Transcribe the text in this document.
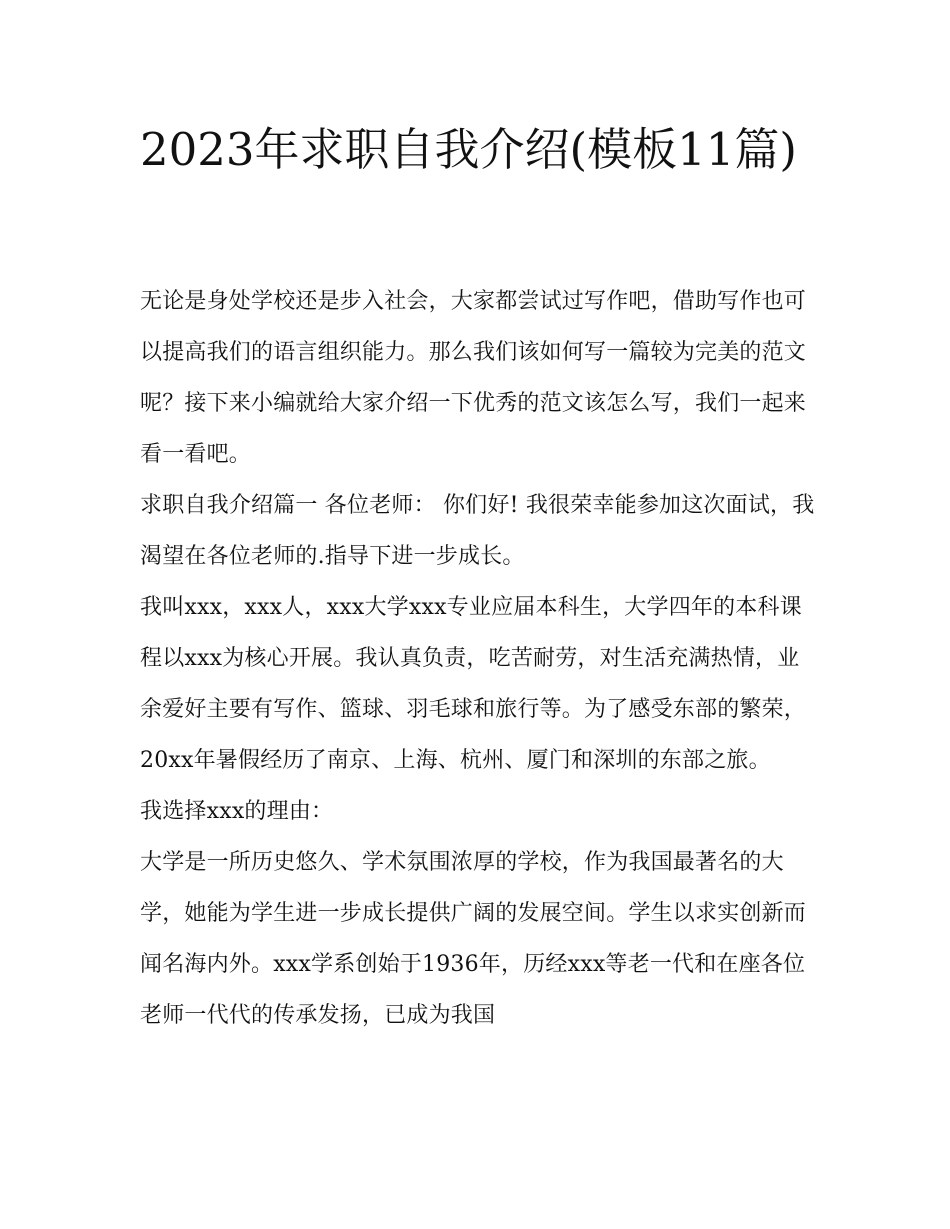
2023年求职自我介绍(模板11篇)

无论是身处学校还是步入社会，大家都尝试过写作吧，借助写作也可以提高我们的语言组织能力。那么我们该如何写一篇较为完美的范文呢？接下来小编就给大家介绍一下优秀的范文该怎么写，我们一起来看一看吧。

求职自我介绍篇一 各位老师： 你们好! 我很荣幸能参加这次面试，我渴望在各位老师的.指导下进一步成长。

我叫xxx，xxx人，xxx大学xxx专业应届本科生，大学四年的本科课程以xxx为核心开展。我认真负责，吃苦耐劳，对生活充满热情，业余爱好主要有写作、篮球、羽毛球和旅行等。为了感受东部的繁荣，20xx年暑假经历了南京、上海、杭州、厦门和深圳的东部之旅。

我选择xxx的理由：

大学是一所历史悠久、学术氛围浓厚的学校，作为我国最著名的大学，她能为学生进一步成长提供广阔的发展空间。学生以求实创新而闻名海内外。xxx学系创始于1936年，历经xxx等老一代和在座各位老师一代代的传承发扬，已成为我国
